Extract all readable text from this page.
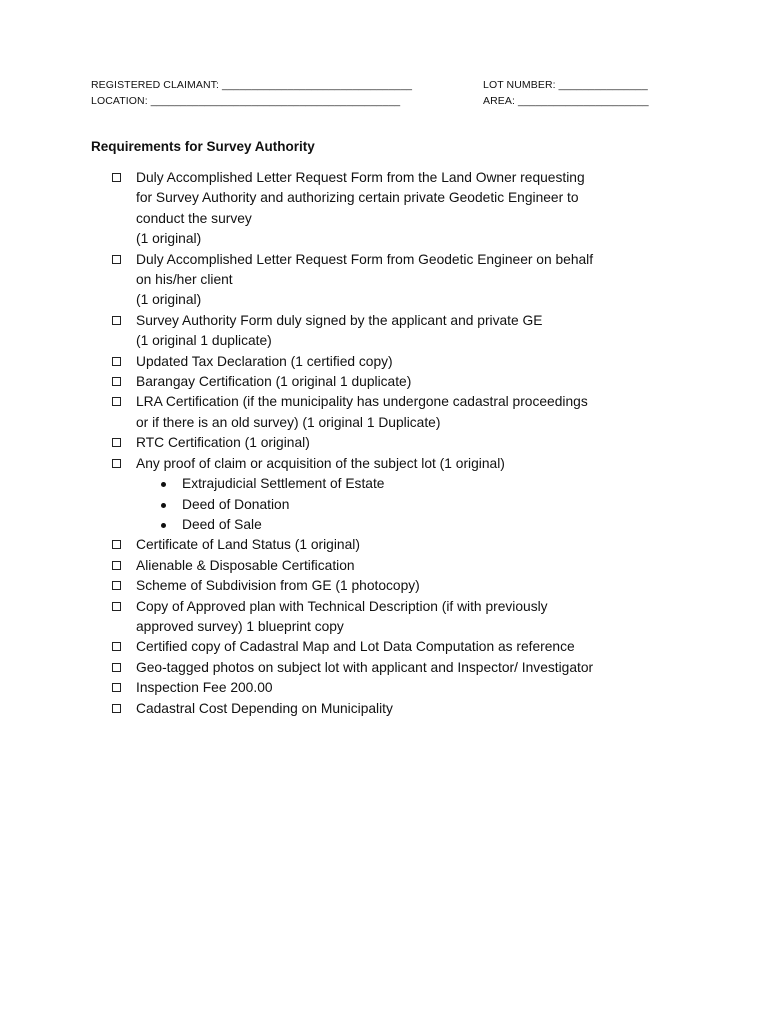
REGISTERED CLAIMANT: ________________________________	LOT NUMBER: _______________
LOCATION: __________________________________________	AREA: ______________________
Requirements for Survey Authority
Duly Accomplished Letter Request Form from the Land Owner requesting
for Survey Authority and authorizing certain private Geodetic Engineer to
conduct the survey
(1 original)
Duly Accomplished Letter Request Form from Geodetic Engineer on behalf
on his/her client
(1 original)
Survey Authority Form duly signed by the applicant and private GE
(1 original 1 duplicate)
Updated Tax Declaration (1 certified copy)
Barangay Certification (1 original 1 duplicate)
LRA Certification (if the municipality has undergone cadastral proceedings
or if there is an old survey) (1 original 1 Duplicate)
RTC Certification (1 original)
Any proof of claim or acquisition of the subject lot (1 original)
Extrajudicial Settlement of Estate
Deed of Donation
Deed of Sale
Certificate of Land Status (1 original)
Alienable & Disposable Certification
Scheme of Subdivision from GE (1 photocopy)
Copy of Approved plan with Technical Description (if with previously
approved survey) 1 blueprint copy
Certified copy of Cadastral Map and Lot Data Computation as reference
Geo-tagged photos on subject lot with applicant and Inspector/ Investigator
Inspection Fee 200.00
Cadastral Cost Depending on Municipality
